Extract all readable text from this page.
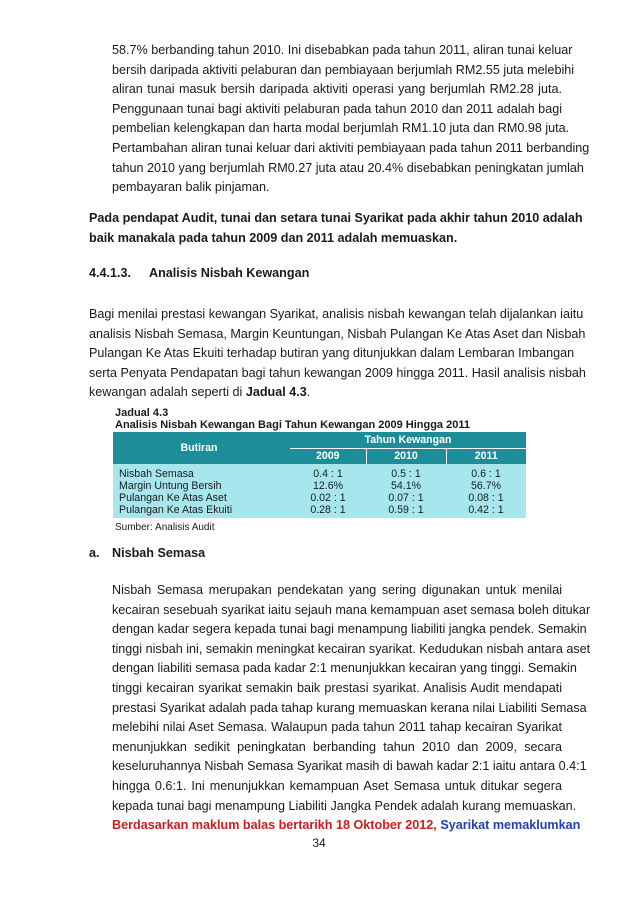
58.7% berbanding tahun 2010. Ini disebabkan pada tahun 2011, aliran tunai keluar

bersih daripada aktiviti pelaburan dan pembiayaan berjumlah RM2.55 juta melebihi

aliran tunai masuk bersih daripada aktiviti operasi yang berjumlah RM2.28 juta.

Penggunaan tunai bagi aktiviti pelaburan pada tahun 2010 dan 2011 adalah bagi

pembelian kelengkapan dan harta modal berjumlah RM1.10 juta dan RM0.98 juta.

Pertambahan aliran tunai keluar dari aktiviti pembiayaan pada tahun 2011 berbanding

tahun 2010 yang berjumlah RM0.27 juta atau 20.4% disebabkan peningkatan jumlah

pembayaran balik pinjaman.

Pada pendapat Audit, tunai dan setara tunai Syarikat pada akhir tahun 2010 adalah

baik manakala pada tahun 2009 dan 2011 adalah memuaskan.

4.4.1.3. Analisis Nisbah Kewangan

Bagi menilai prestasi kewangan Syarikat, analisis nisbah kewangan telah dijalankan iaitu

analisis Nisbah Semasa, Margin Keuntungan, Nisbah Pulangan Ke Atas Aset dan Nisbah

Pulangan Ke Atas Ekuiti terhadap butiran yang ditunjukkan dalam Lembaran Imbangan

serta Penyata Pendapatan bagi tahun kewangan 2009 hingga 2011. Hasil analisis nisbah

kewangan adalah seperti di Jadual 4.3.

Jadual 4.3
Analisis Nisbah Kewangan Bagi Tahun Kewangan 2009 Hingga 2011
Butiran		Tahun Kewangan		
		2009	2010	2011
Nisbah Semasa		0.4 : 1	0.5 : 1	0.6 : 1
Margin Untung Bersih		12.6%	54.1%	56.7%
Pulangan Ke Atas Aset		0.02 : 1	0.07 : 1	0.08 : 1
Pulangan Ke Atas Ekuiti		0.28 : 1	0.59 : 1	0.42 : 1
Sumber: Analisis Audit
a. Nisbah Semasa

Nisbah Semasa merupakan pendekatan yang sering digunakan untuk menilai

kecairan sesebuah syarikat iaitu sejauh mana kemampuan aset semasa boleh ditukar

dengan kadar segera kepada tunai bagi menampung liabiliti jangka pendek. Semakin

tinggi nisbah ini, semakin meningkat kecairan syarikat. Kedudukan nisbah antara aset

dengan liabiliti semasa pada kadar 2:1 menunjukkan kecairan yang tinggi. Semakin

tinggi kecairan syarikat semakin baik prestasi syarikat. Analisis Audit mendapati

prestasi Syarikat adalah pada tahap kurang memuaskan kerana nilai Liabiliti Semasa

melebihi nilai Aset Semasa. Walaupun pada tahun 2011 tahap kecairan Syarikat

menunjukkan sedikit peningkatan berbanding tahun 2010 dan 2009, secara

keseluruhannya Nisbah Semasa Syarikat masih di bawah kadar 2:1 iaitu antara 0.4:1

hingga 0.6:1. Ini menunjukkan kemampuan Aset Semasa untuk ditukar segera

kepada tunai bagi menampung Liabiliti Jangka Pendek adalah kurang memuaskan.

Berdasarkan maklum balas bertarikh 18 Oktober 2012, Syarikat memaklumkan

34
